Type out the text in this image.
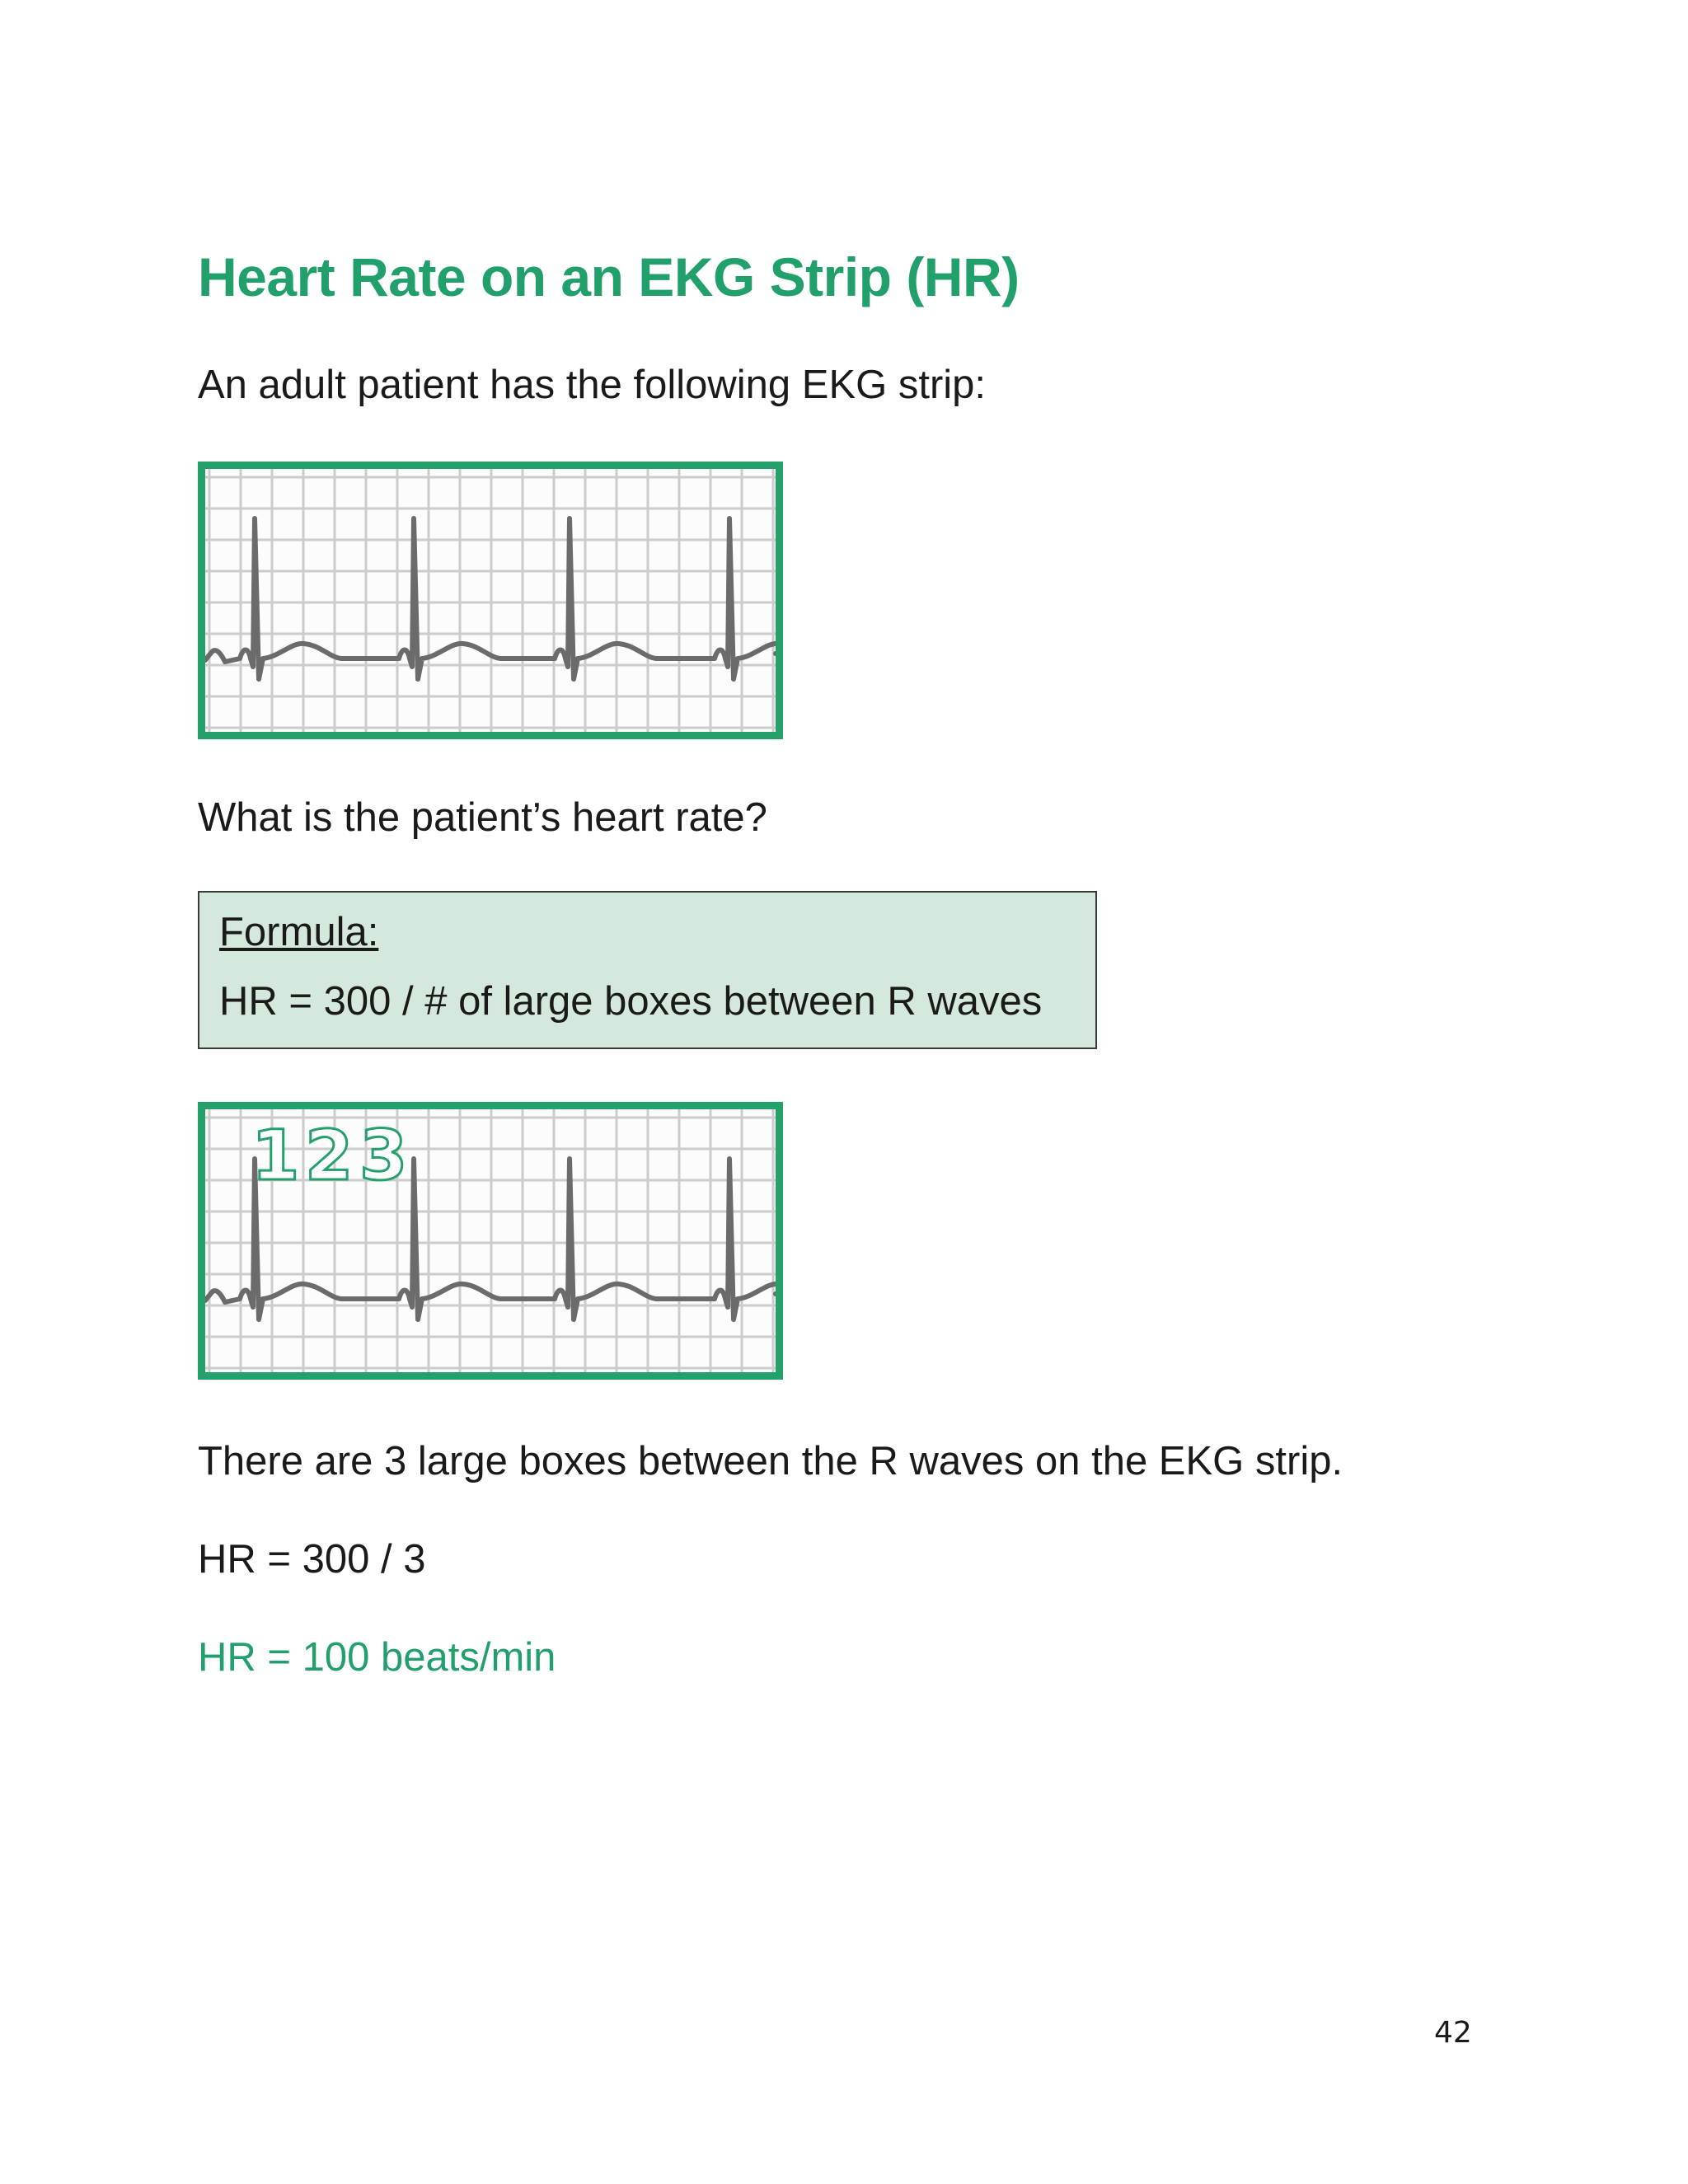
Heart Rate on an EKG Strip (HR)
An adult patient has the following EKG strip:
What is the patient’s heart rate?
Formula:
HR = 300 / # of large boxes between R waves
1 2 3
There are 3 large boxes between the R waves on the EKG strip.
HR = 300 / 3
HR = 100 beats/min
42
